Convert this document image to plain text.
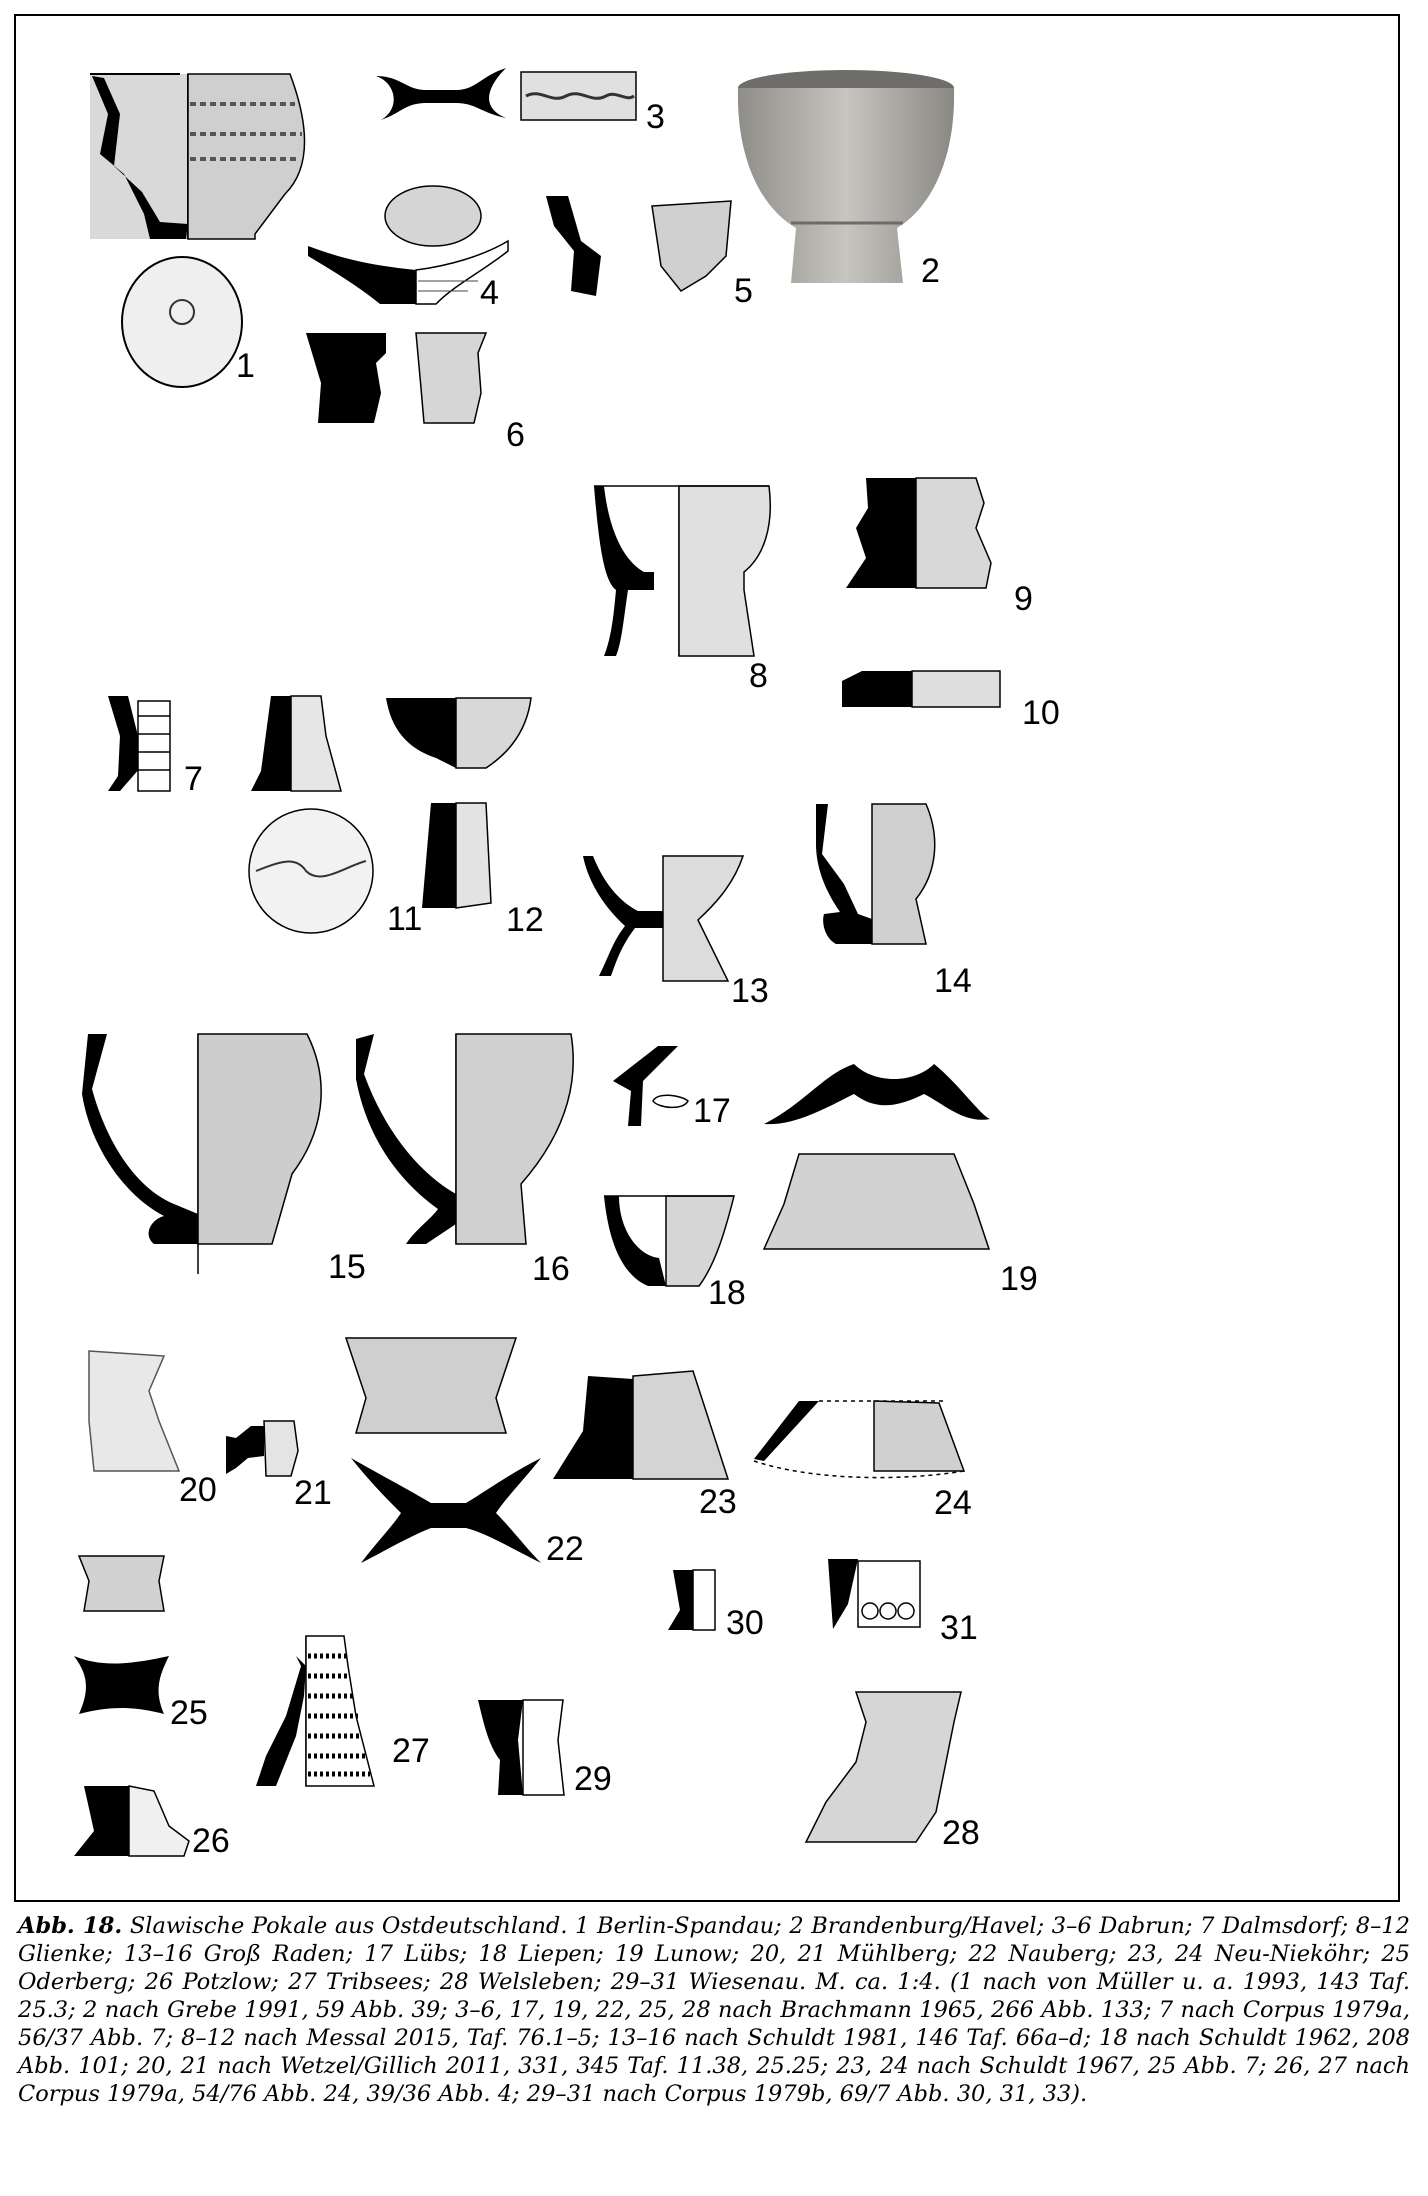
1
2
3
4	5
6
7
8
9
10
11 12
13	14
15	16
17
18	19
20 21
22
23	24
25
26
27
28
29
30	31
Abb. 18. Slawische Pokale aus Ostdeutschland. 1 Berlin-Spandau; 2 Brandenburg/Havel; 3–6 Dabrun; 7 Dalmsdorf; 8–12 Glienke; 13–16 Groß Raden; 17 Lübs; 18 Liepen; 19 Lunow; 20, 21 Mühlberg; 22 Nauberg; 23, 24 Neu-Nieköhr; 25 Oderberg; 26 Potzlow; 27 Tribsees; 28 Welsleben; 29–31 Wiesenau. M. ca. 1:4. (1 nach von Müller u. a. 1993, 143 Taf. 25.3; 2 nach Grebe 1991, 59 Abb. 39; 3–6, 17, 19, 22, 25, 28 nach Brachmann 1965, 266 Abb. 133; 7 nach Corpus 1979a, 56/37 Abb. 7; 8–12 nach Messal 2015, Taf. 76.1–5; 13–16 nach Schuldt 1981, 146 Taf. 66a–d; 18 nach Schuldt 1962, 208 Abb. 101; 20, 21 nach Wetzel/Gillich 2011, 331, 345 Taf. 11.38, 25.25; 23, 24 nach Schuldt 1967, 25 Abb. 7; 26, 27 nach Corpus 1979a, 54/76 Abb. 24, 39/36 Abb. 4; 29–31 nach Corpus 1979b, 69/7 Abb. 30, 31, 33).
